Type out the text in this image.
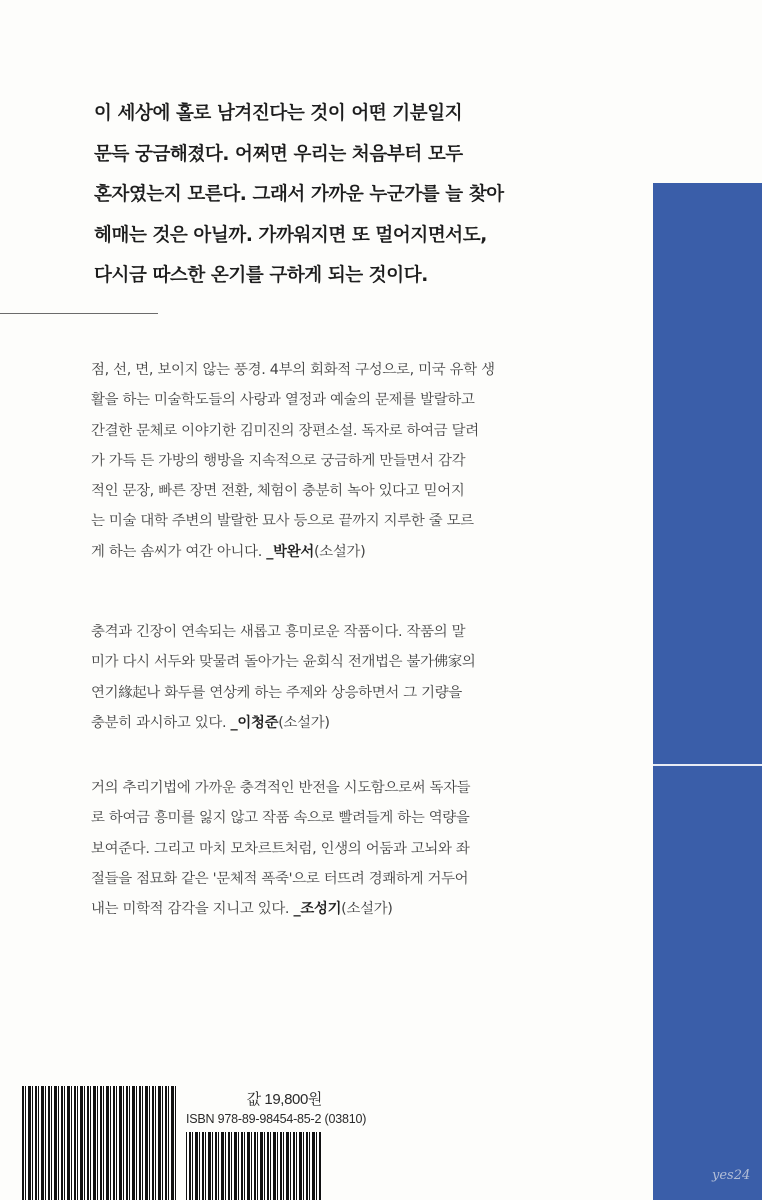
이 세상에 홀로 남겨진다는 것이 어떤 기분일지
문득 궁금해졌다. 어쩌면 우리는 처음부터 모두
혼자였는지 모른다. 그래서 가까운 누군가를 늘 찾아
헤매는 것은 아닐까. 가까워지면 또 멀어지면서도,
다시금 따스한 온기를 구하게 되는 것이다.

점, 선, 면, 보이지 않는 풍경. 4부의 회화적 구성으로, 미국 유학 생
활을 하는 미술학도들의 사랑과 열정과 예술의 문제를 발랄하고
간결한 문체로 이야기한 김미진의 장편소설. 독자로 하여금 달려
가 가득 든 가방의 행방을 지속적으로 궁금하게 만들면서 감각
적인 문장, 빠른 장면 전환, 체험이 충분히 녹아 있다고 믿어지
는 미술 대학 주변의 발랄한 묘사 등으로 끝까지 지루한 줄 모르
게 하는 솜씨가 여간 아니다. _박완서(소설가)

충격과 긴장이 연속되는 새롭고 흥미로운 작품이다. 작품의 말
미가 다시 서두와 맞물려 돌아가는 윤회식 전개법은 불가佛家의
연기緣起나 화두를 연상케 하는 주제와 상응하면서 그 기량을
충분히 과시하고 있다. _이청준(소설가)

거의 추리기법에 가까운 충격적인 반전을 시도함으로써 독자들
로 하여금 흥미를 잃지 않고 작품 속으로 빨려들게 하는 역량을
보여준다. 그리고 마치 모차르트처럼, 인생의 어둠과 고뇌와 좌
절들을 점묘화 같은 '문체적 폭죽'으로 터뜨려 경쾌하게 거두어
내는 미학적 감각을 지니고 있다. _조성기(소설가)

값 19,800원
ISBN 978-89-98454-85-2 (03810)
yes24
